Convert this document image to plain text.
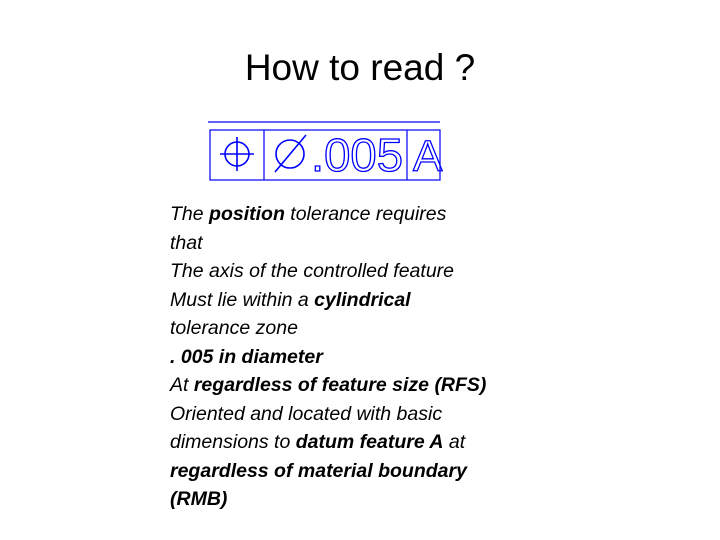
How to read ?
.005 A
The position tolerance requires
that
The axis of the controlled feature
Must lie within a cylindrical
tolerance zone
. 005 in diameter
At regardless of feature size (RFS)
Oriented and located with basic
dimensions to datum feature A at
regardless of material boundary
(RMB)
